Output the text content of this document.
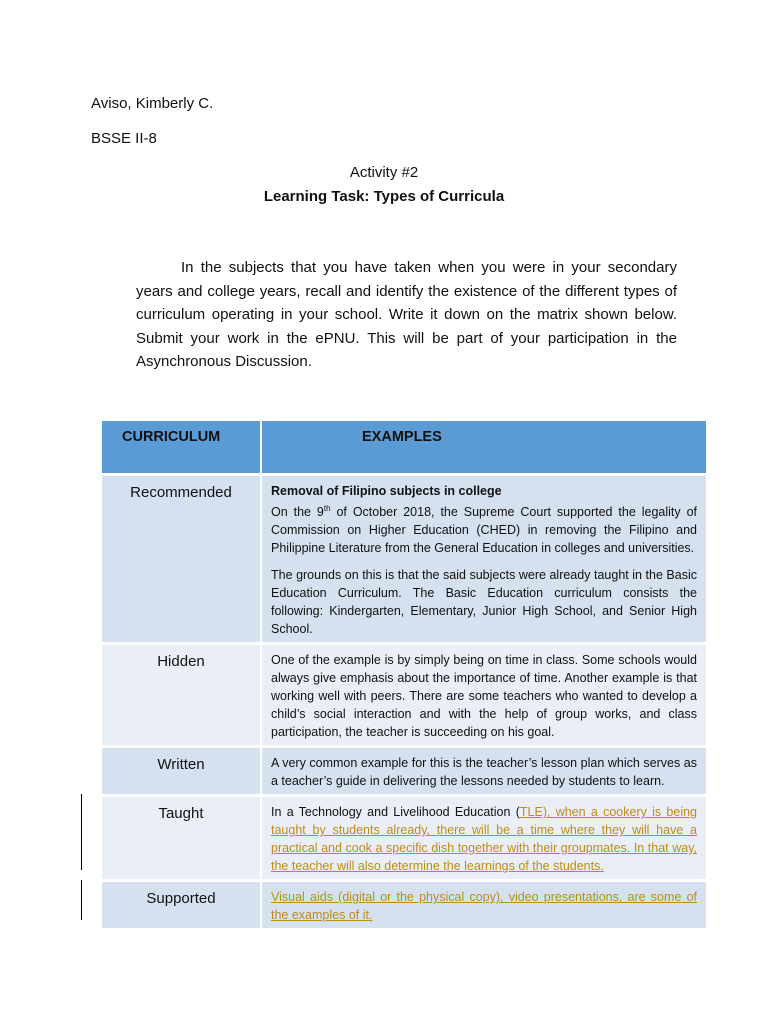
Aviso, Kimberly C.
BSSE II-8
Activity #2
Learning Task: Types of Curricula
In the subjects that you have taken when you were in your secondary years and college years, recall and identify the existence of the different types of curriculum operating in your school. Write it down on the matrix shown below. Submit your work in the ePNU. This will be part of your participation in the Asynchronous Discussion.
CURRICULUM	EXAMPLES
Recommended	Removal of Filipino subjects in college
On the 9th of October 2018, the Supreme Court supported the legality of Commission on Higher Education (CHED) in removing the Filipino and Philippine Literature from the General Education in colleges and universities.
The grounds on this is that the said subjects were already taught in the Basic Education Curriculum. The Basic Education curriculum consists the following: Kindergarten, Elementary, Junior High School, and Senior High School.

Hidden	One of the example is by simply being on time in class. Some schools would always give emphasis about the importance of time. Another example is that working well with peers. There are some teachers who wanted to develop a child’s social interaction and with the help of group works, and class participation, the teacher is succeeding on his goal.
Written	A very common example for this is the teacher’s lesson plan which serves as a teacher’s guide in delivering the lessons needed by students to learn.
Taught	In a Technology and Livelihood Education (TLE), when a cookery is being taught by students already, there will be a time where they will have a practical and cook a specific dish together with their groupmates. In that way, the teacher will also determine the learnings of the students.
Supported	Visual aids (digital or the physical copy), video presentations, are some of the examples of it.
